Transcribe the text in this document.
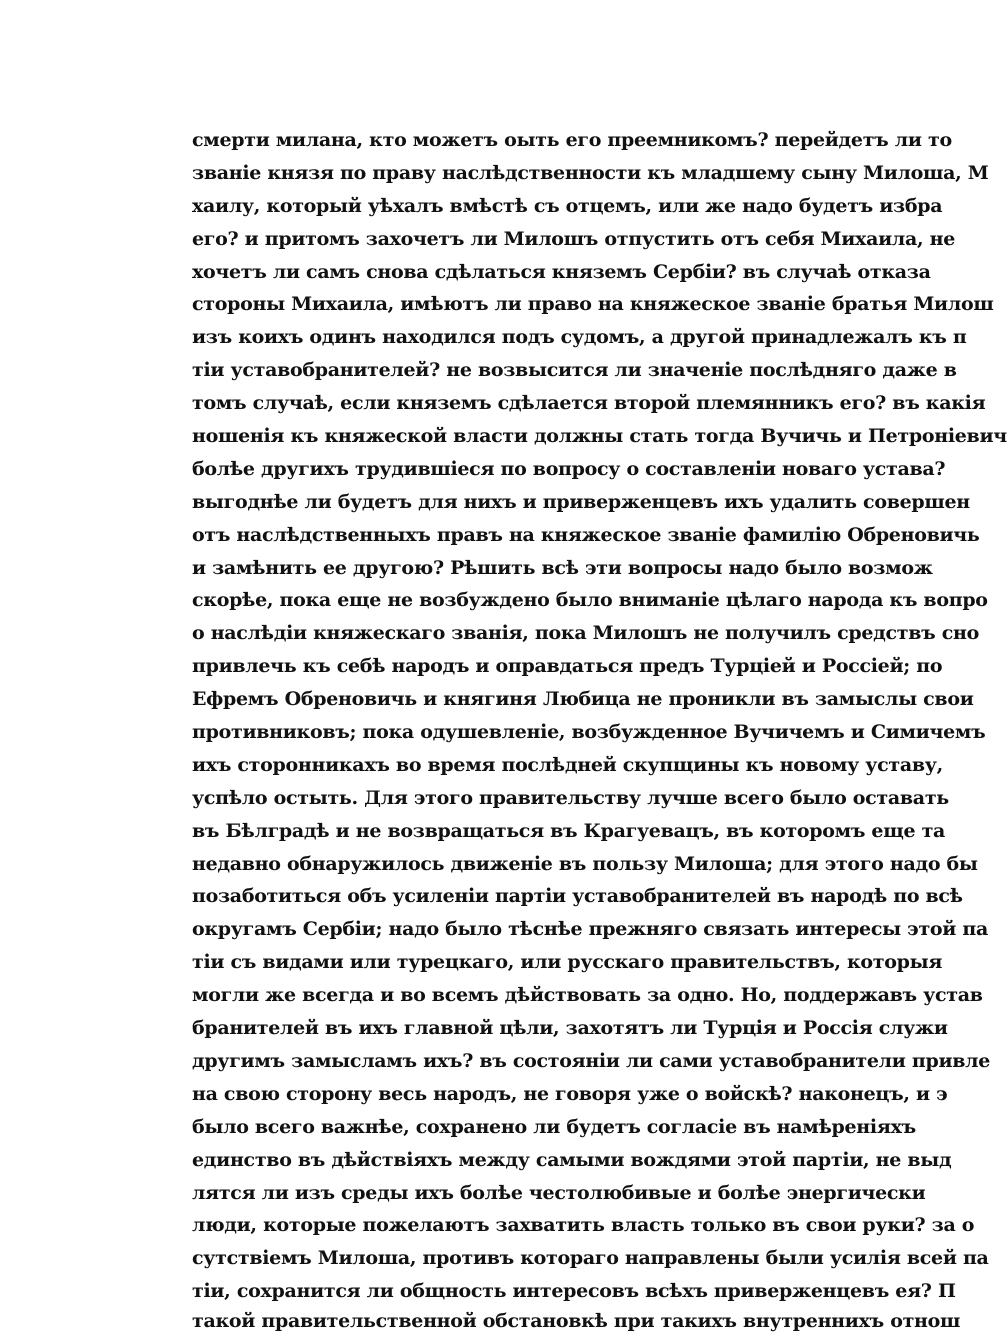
смерти милана, кто можетъ оыть его преемникомъ? перейдетъ ли то
званіе князя по праву наслѣдственности къ младшему сыну Милоша, М
хаилу, который уѣхалъ вмѣстѣ съ отцемъ, или же надо будетъ избра
его? и притомъ захочетъ ли Милошъ отпустить отъ себя Михаила, не
хочетъ ли самъ снова сдѣлаться княземъ Сербіи? въ случаѣ отказа
стороны Михаила, имѣютъ ли право на княжеское званіе братья Милош
изъ коихъ одинъ находился подъ судомъ, а другой принадлежалъ къ п
тіи уставобранителей? не возвысится ли значеніе послѣдняго даже в
томъ случаѣ, если княземъ сдѣлается второй племянникъ его? въ какія
ношенія къ княжеской власти должны стать тогда Вучичь и Петроніевич
болѣе другихъ трудившіеся по вопросу о составленіи новаго устава?
выгоднѣе ли будетъ для нихъ и приверженцевъ ихъ удалить совершен
отъ наслѣдственныхъ правъ на княжеское званіе фамилію Обреновичь
и замѣнить ее другою? Рѣшить всѣ эти вопросы надо было возмож
скорѣе, пока еще не возбуждено было вниманіе цѣлаго народа къ вопро
о наслѣдіи княжескаго званія, пока Милошъ не получилъ средствъ сно
привлечь къ себѣ народъ и оправдаться предъ Турціей и Россіей; по
Ефремъ Обреновичь и княгиня Любица не проникли въ замыслы свои
противниковъ; пока одушевленіе, возбужденное Вучичемъ и Симичемъ
ихъ сторонникахъ во время послѣдней скупщины къ новому уставу,
успѣло остыть. Для этого правительству лучше всего было оставать
въ Бѣлградѣ и не возвращаться въ Крагуевацъ, въ которомъ еще та
недавно обнаружилось движеніе въ пользу Милоша; для этого надо бы
позаботиться объ усиленіи партіи уставобранителей въ народѣ по всѣ
округамъ Сербіи; надо было тѣснѣе прежняго связать интересы этой па
тіи съ видами или турецкаго, или русскаго правительствъ, которыя
могли же всегда и во всемъ дѣйствовать за одно. Но, поддержавъ устав
бранителей въ ихъ главной цѣли, захотятъ ли Турція и Россія служи
другимъ замысламъ ихъ? въ состояніи ли сами уставобранители привле
на свою сторону весь народъ, не говоря уже о войскѣ? наконецъ, и э
было всего важнѣе, сохранено ли будетъ согласіе въ намѣреніяхъ
единство въ дѣйствіяхъ между самыми вождями этой партіи, не выд
лятся ли изъ среды ихъ болѣе честолюбивые и болѣе энергически
люди, которые пожелаютъ захватить власть только въ свои руки? за о
сутствіемъ Милоша, противъ котораго направлены были усилія всей па
тіи, сохранится ли общность интересовъ всѣхъ приверженцевъ ея? П
такой правительственной обстановкѣ при такихъ внутреннихъ отнош
